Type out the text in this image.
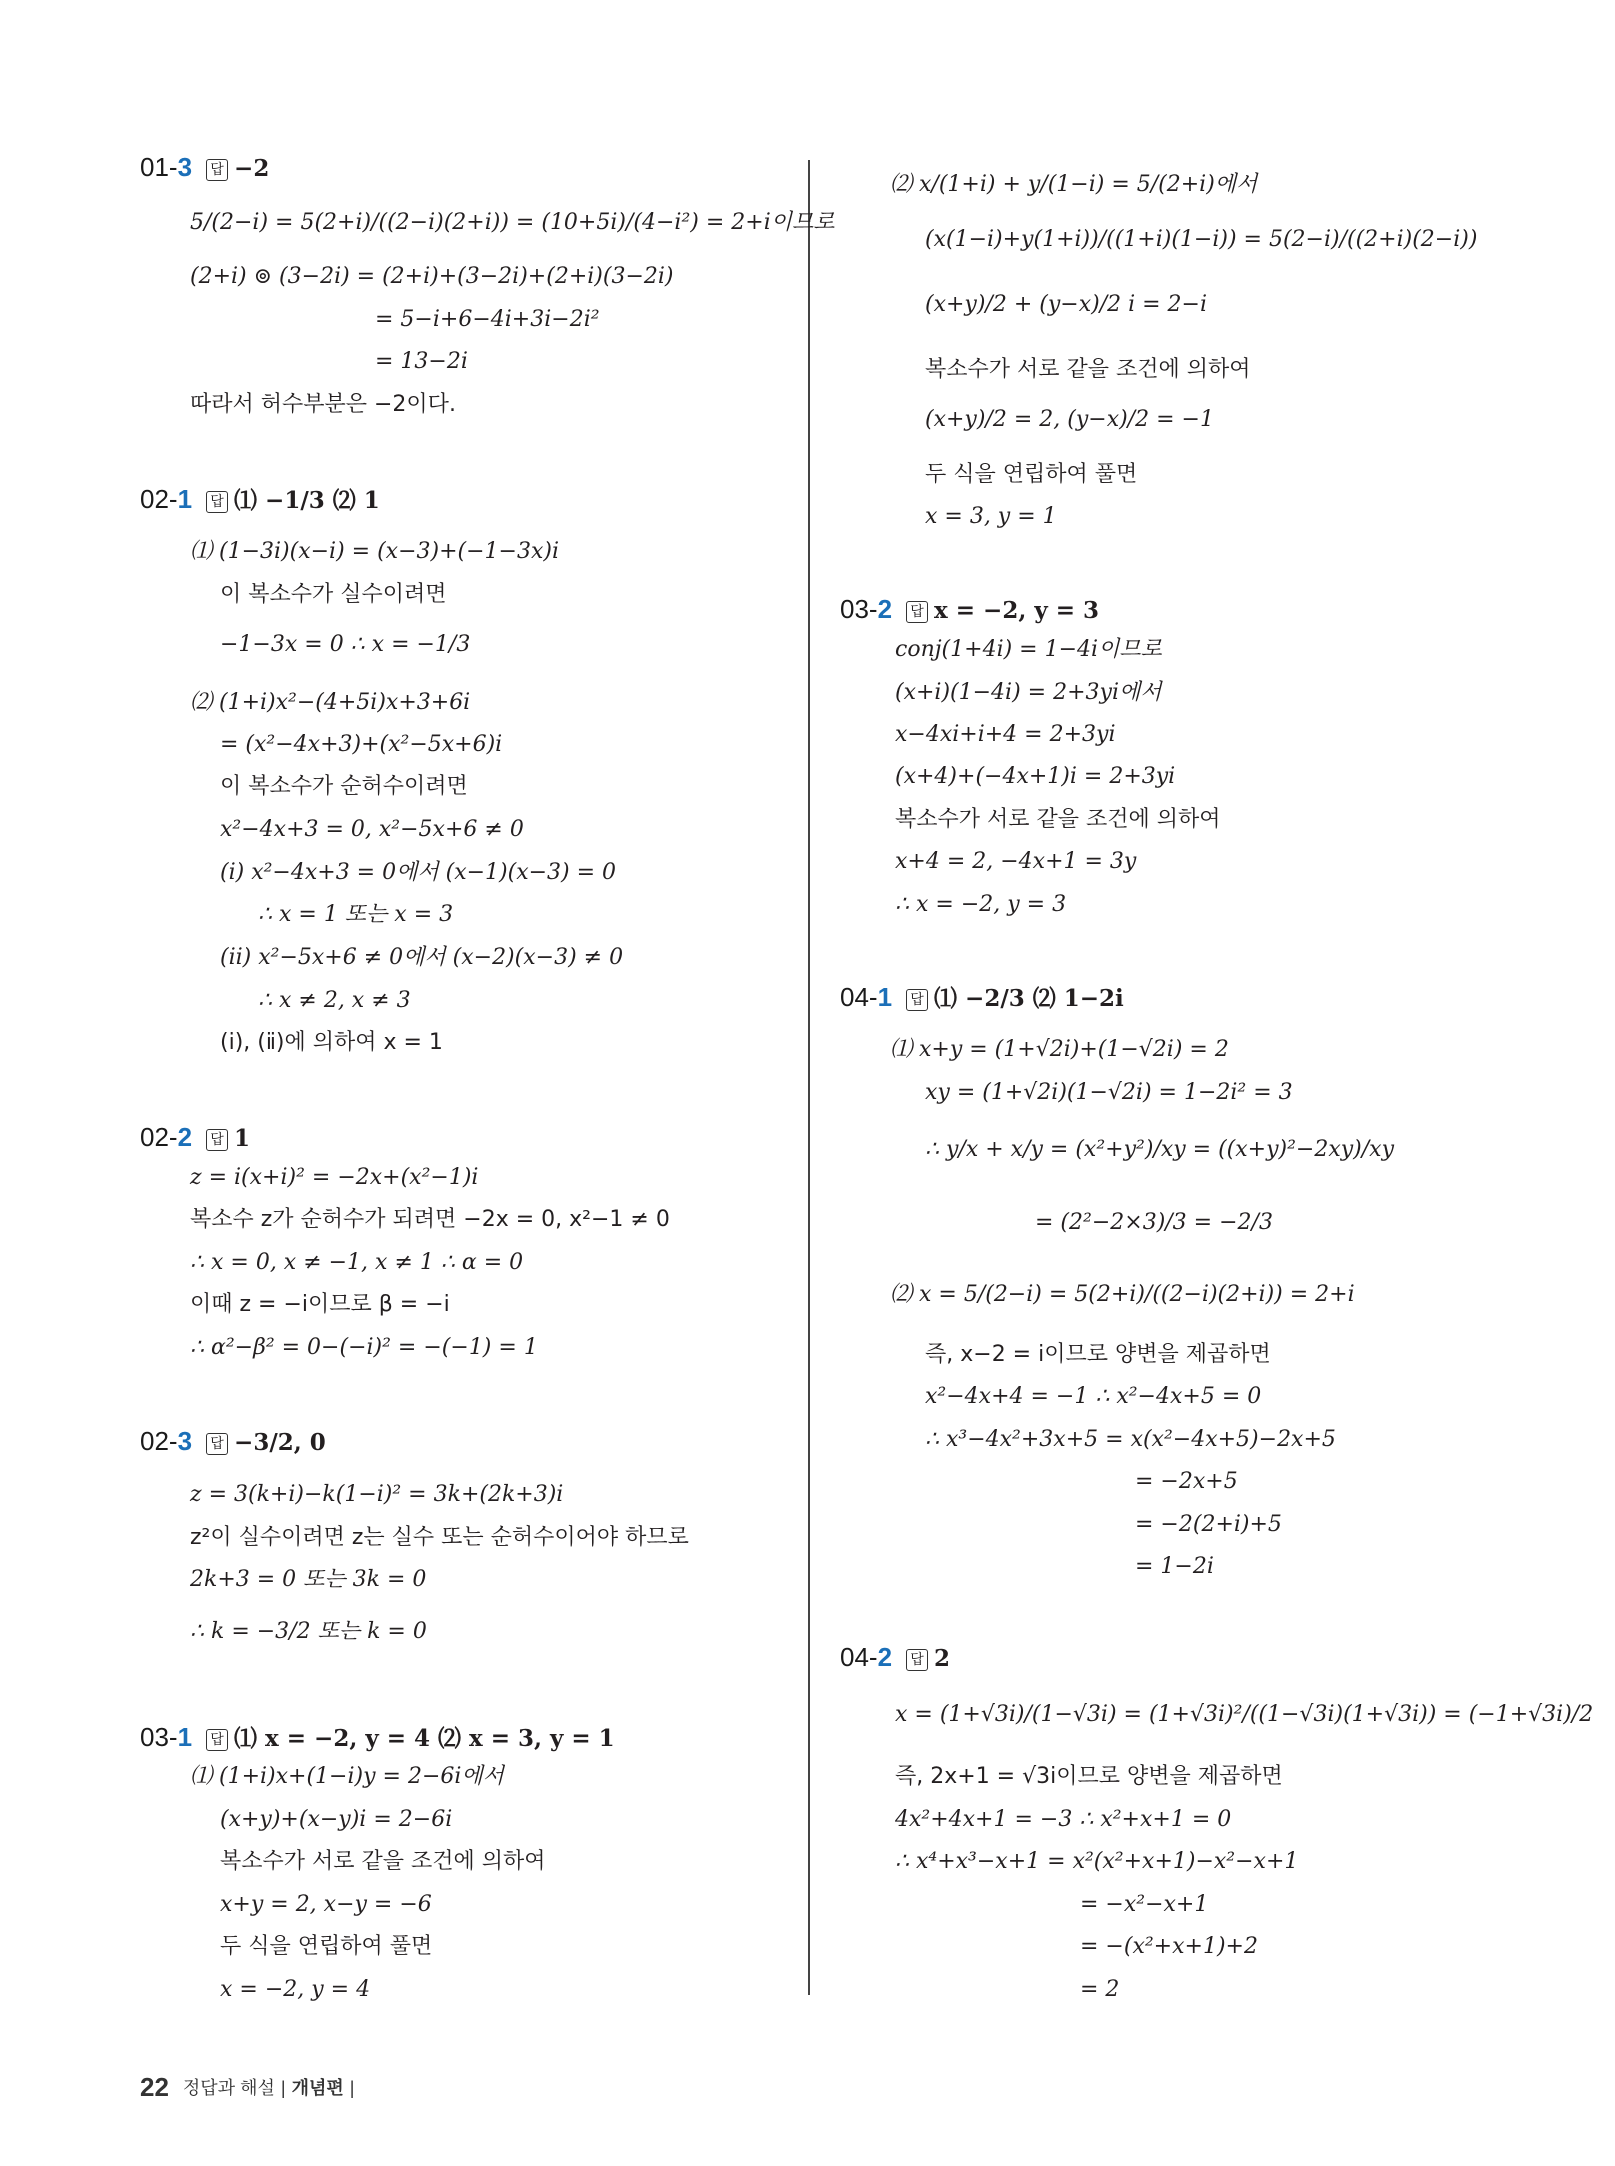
01-3 답 −2
5/(2−i) = 5(2+i)/((2−i)(2+i)) = (10+5i)/(4−i²) = 2+i이므로
(2+i) ⊚ (3−2i) = (2+i)+(3−2i)+(2+i)(3−2i)
= 5−i+6−4i+3i−2i²
= 13−2i
따라서 허수부분은 −2이다.
02-1 답 ⑴ −1/3 ⑵ 1
⑴ (1−3i)(x−i) = (x−3)+(−1−3x)i
이 복소수가 실수이려면
−1−3x = 0 ∴ x = −1/3
⑵ (1+i)x²−(4+5i)x+3+6i
= (x²−4x+3)+(x²−5x+6)i
이 복소수가 순허수이려면
x²−4x+3 = 0, x²−5x+6 ≠ 0
(ⅰ) x²−4x+3 = 0에서 (x−1)(x−3) = 0
∴ x = 1 또는 x = 3
(ⅱ) x²−5x+6 ≠ 0에서 (x−2)(x−3) ≠ 0
∴ x ≠ 2, x ≠ 3
(ⅰ), (ⅱ)에 의하여 x = 1
02-2 답 1
z = i(x+i)² = −2x+(x²−1)i
복소수 z가 순허수가 되려면 −2x = 0, x²−1 ≠ 0
∴ x = 0, x ≠ −1, x ≠ 1 ∴ α = 0
이때 z = −i이므로 β = −i
∴ α²−β² = 0−(−i)² = −(−1) = 1
02-3 답 −3/2, 0
z = 3(k+i)−k(1−i)² = 3k+(2k+3)i
z²이 실수이려면 z는 실수 또는 순허수이어야 하므로
2k+3 = 0 또는 3k = 0
∴ k = −3/2 또는 k = 0
03-1 답 ⑴ x = −2, y = 4 ⑵ x = 3, y = 1
⑴ (1+i)x+(1−i)y = 2−6i에서
(x+y)+(x−y)i = 2−6i
복소수가 서로 같을 조건에 의하여
x+y = 2, x−y = −6
두 식을 연립하여 풀면
x = −2, y = 4
⑵ x/(1+i) + y/(1−i) = 5/(2+i)에서
(x(1−i)+y(1+i))/((1+i)(1−i)) = 5(2−i)/((2+i)(2−i))
(x+y)/2 + (y−x)/2 i = 2−i
복소수가 서로 같을 조건에 의하여
(x+y)/2 = 2, (y−x)/2 = −1
두 식을 연립하여 풀면
x = 3, y = 1
03-2 답 x = −2, y = 3
conj(1+4i) = 1−4i이므로
(x+i)(1−4i) = 2+3yi에서
x−4xi+i+4 = 2+3yi
(x+4)+(−4x+1)i = 2+3yi
복소수가 서로 같을 조건에 의하여
x+4 = 2, −4x+1 = 3y
∴ x = −2, y = 3
04-1 답 ⑴ −2/3 ⑵ 1−2i
⑴ x+y = (1+√2i)+(1−√2i) = 2
xy = (1+√2i)(1−√2i) = 1−2i² = 3
∴ y/x + x/y = (x²+y²)/xy = ((x+y)²−2xy)/xy
= (2²−2×3)/3 = −2/3
⑵ x = 5/(2−i) = 5(2+i)/((2−i)(2+i)) = 2+i
즉, x−2 = i이므로 양변을 제곱하면
x²−4x+4 = −1 ∴ x²−4x+5 = 0
∴ x³−4x²+3x+5 = x(x²−4x+5)−2x+5
= −2x+5
= −2(2+i)+5
= 1−2i
04-2 답 2
x = (1+√3i)/(1−√3i) = (1+√3i)²/((1−√3i)(1+√3i)) = (−1+√3i)/2
즉, 2x+1 = √3i이므로 양변을 제곱하면
4x²+4x+1 = −3 ∴ x²+x+1 = 0
∴ x⁴+x³−x+1 = x²(x²+x+1)−x²−x+1
= −x²−x+1
= −(x²+x+1)+2
= 2
22 정답과 해설 | 개념편 |
